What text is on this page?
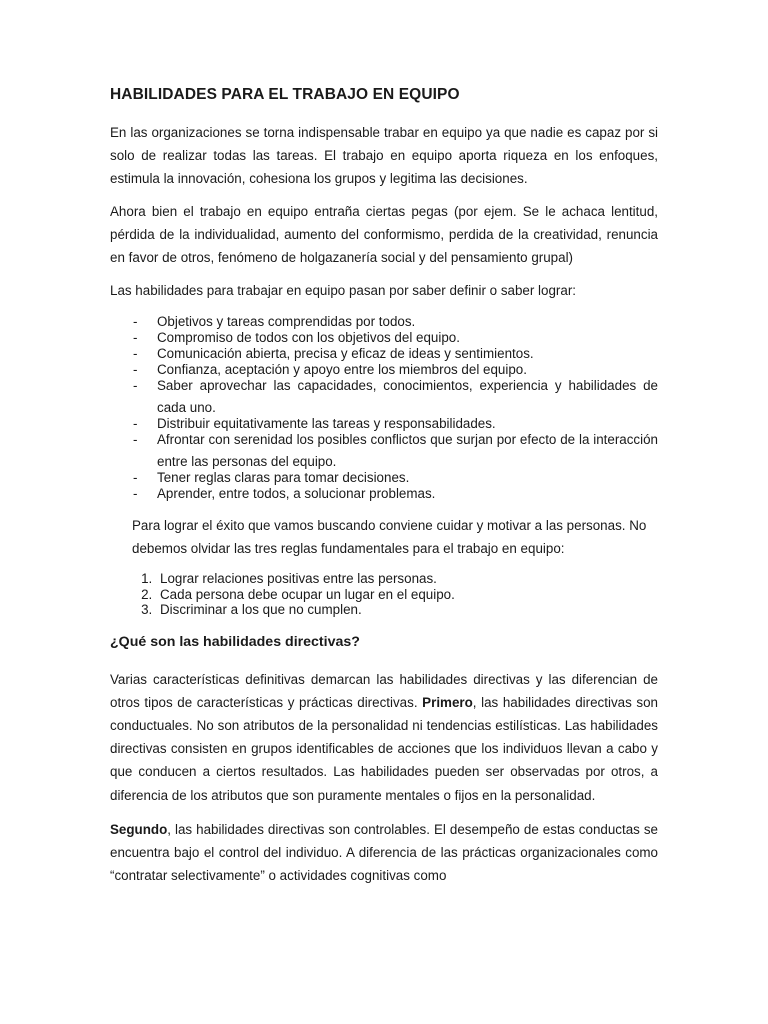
HABILIDADES PARA EL TRABAJO EN EQUIPO

En las organizaciones se torna indispensable trabar en equipo ya que nadie es capaz por si solo de realizar todas las tareas. El trabajo en equipo aporta riqueza en los enfoques, estimula la innovación, cohesiona los grupos y legitima las decisiones.

Ahora bien el trabajo en equipo entraña ciertas pegas (por ejem. Se le achaca lentitud, pérdida de la individualidad, aumento del conformismo, perdida de la creatividad, renuncia en favor de otros, fenómeno de holgazanería social y del pensamiento grupal)

Las habilidades para trabajar en equipo pasan por saber definir o saber lograr:

- Objetivos y tareas comprendidas por todos.
- Compromiso de todos con los objetivos del equipo.
- Comunicación abierta, precisa y eficaz de ideas y sentimientos.
- Confianza, aceptación y apoyo entre los miembros del equipo.
- Saber aprovechar las capacidades, conocimientos, experiencia y habilidades de cada uno.
- Distribuir equitativamente las tareas y responsabilidades.
- Afrontar con serenidad los posibles conflictos que surjan por efecto de la interacción entre las personas del equipo.
- Tener reglas claras para tomar decisiones.
- Aprender, entre todos, a solucionar problemas.

Para lograr el éxito que vamos buscando conviene cuidar y motivar a las personas. No debemos olvidar las tres reglas fundamentales para el trabajo en equipo:

1. Lograr relaciones positivas entre las personas.
2. Cada persona debe ocupar un lugar en el equipo.
3. Discriminar a los que no cumplen.
¿Qué son las habilidades directivas?

Varias características definitivas demarcan las habilidades directivas y las diferencian de otros tipos de características y prácticas directivas. Primero, las habilidades directivas son conductuales. No son atributos de la personalidad ni tendencias estilísticas. Las habilidades directivas consisten en grupos identificables de acciones que los individuos llevan a cabo y que conducen a ciertos resultados. Las habilidades pueden ser observadas por otros, a diferencia de los atributos que son puramente mentales o fijos en la personalidad.

Segundo, las habilidades directivas son controlables. El desempeño de estas conductas se encuentra bajo el control del individuo. A diferencia de las prácticas organizacionales como “contratar selectivamente” o actividades cognitivas como
